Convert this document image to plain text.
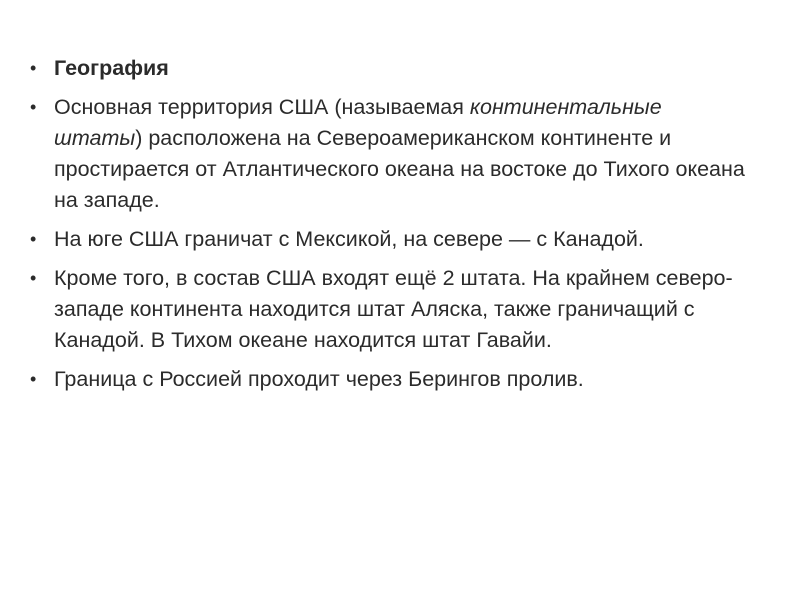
• География
• Основная территория США (называемая континентальные штаты) расположена на Североамериканском континенте и простирается от Атлантического океана на востоке до Тихого океана на западе.
• На юге США граничат с Мексикой, на севере — с Канадой.
• Кроме того, в состав США входят ещё 2 штата. На крайнем северо-западе континента находится штат Аляска, также граничащий с Канадой. В Тихом океане находится штат Гавайи.
• Граница с Россией проходит через Берингов пролив.
